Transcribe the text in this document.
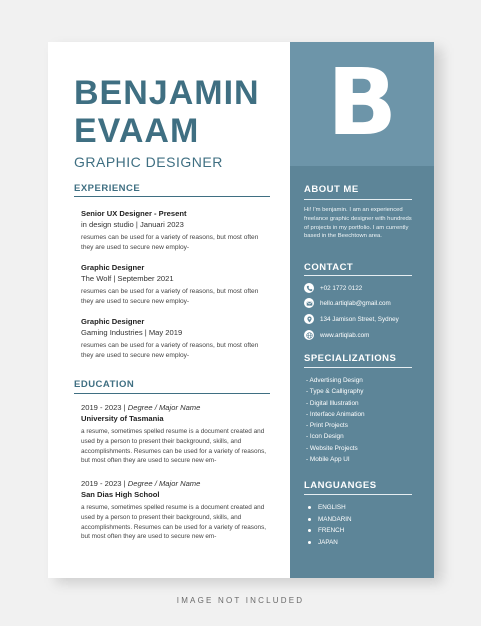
B
ABOUT ME
Hi! I'm benjamin. I am an experienced freelance graphic designer with hundreds of projects in my portfolio. I am currently based in the Beechtown area.
CONTACT
+02 1772 0122
hello.artiqlab@gmail.com
134 Jamison Street, Sydney
www.artiqlab.com
SPECIALIZATIONS
- Advertising Design
- Type & Calligraphy
- Digital Illustration
- Interface Animation
- Print Projects
- Icon Design
- Website Projects
- Mobile App UI
LANGUANGES
ENGLISH
MANDARIN
FRENCH
JAPAN
BENJAMIN
EVAAM
GRAPHIC DESIGNER
EXPERIENCE
Senior UX Designer - Present
in design studio | Januari 2023
resumes can be used for a variety of reasons, but most often they are used to secure new employ-
Graphic Designer
The Wolf | September 2021
resumes can be used for a variety of reasons, but most often they are used to secure new employ-
Graphic Designer
Gaming Industries | May 2019
resumes can be used for a variety of reasons, but most often they are used to secure new employ-
EDUCATION
2019 - 2023 | Degree / Major Name
University of Tasmania
a resume, sometimes spelled resume is a document created and used by a person to present their background, skills, and accomplishments. Resumes can be used for a variety of reasons, but most often they are used to secure new em-
2019 - 2023 | Degree / Major Name
San Dias High School
a resume, sometimes spelled resume is a document created and used by a person to present their background, skills, and accomplishments. Resumes can be used for a variety of reasons, but most often they are used to secure new em-
IMAGE NOT INCLUDED
